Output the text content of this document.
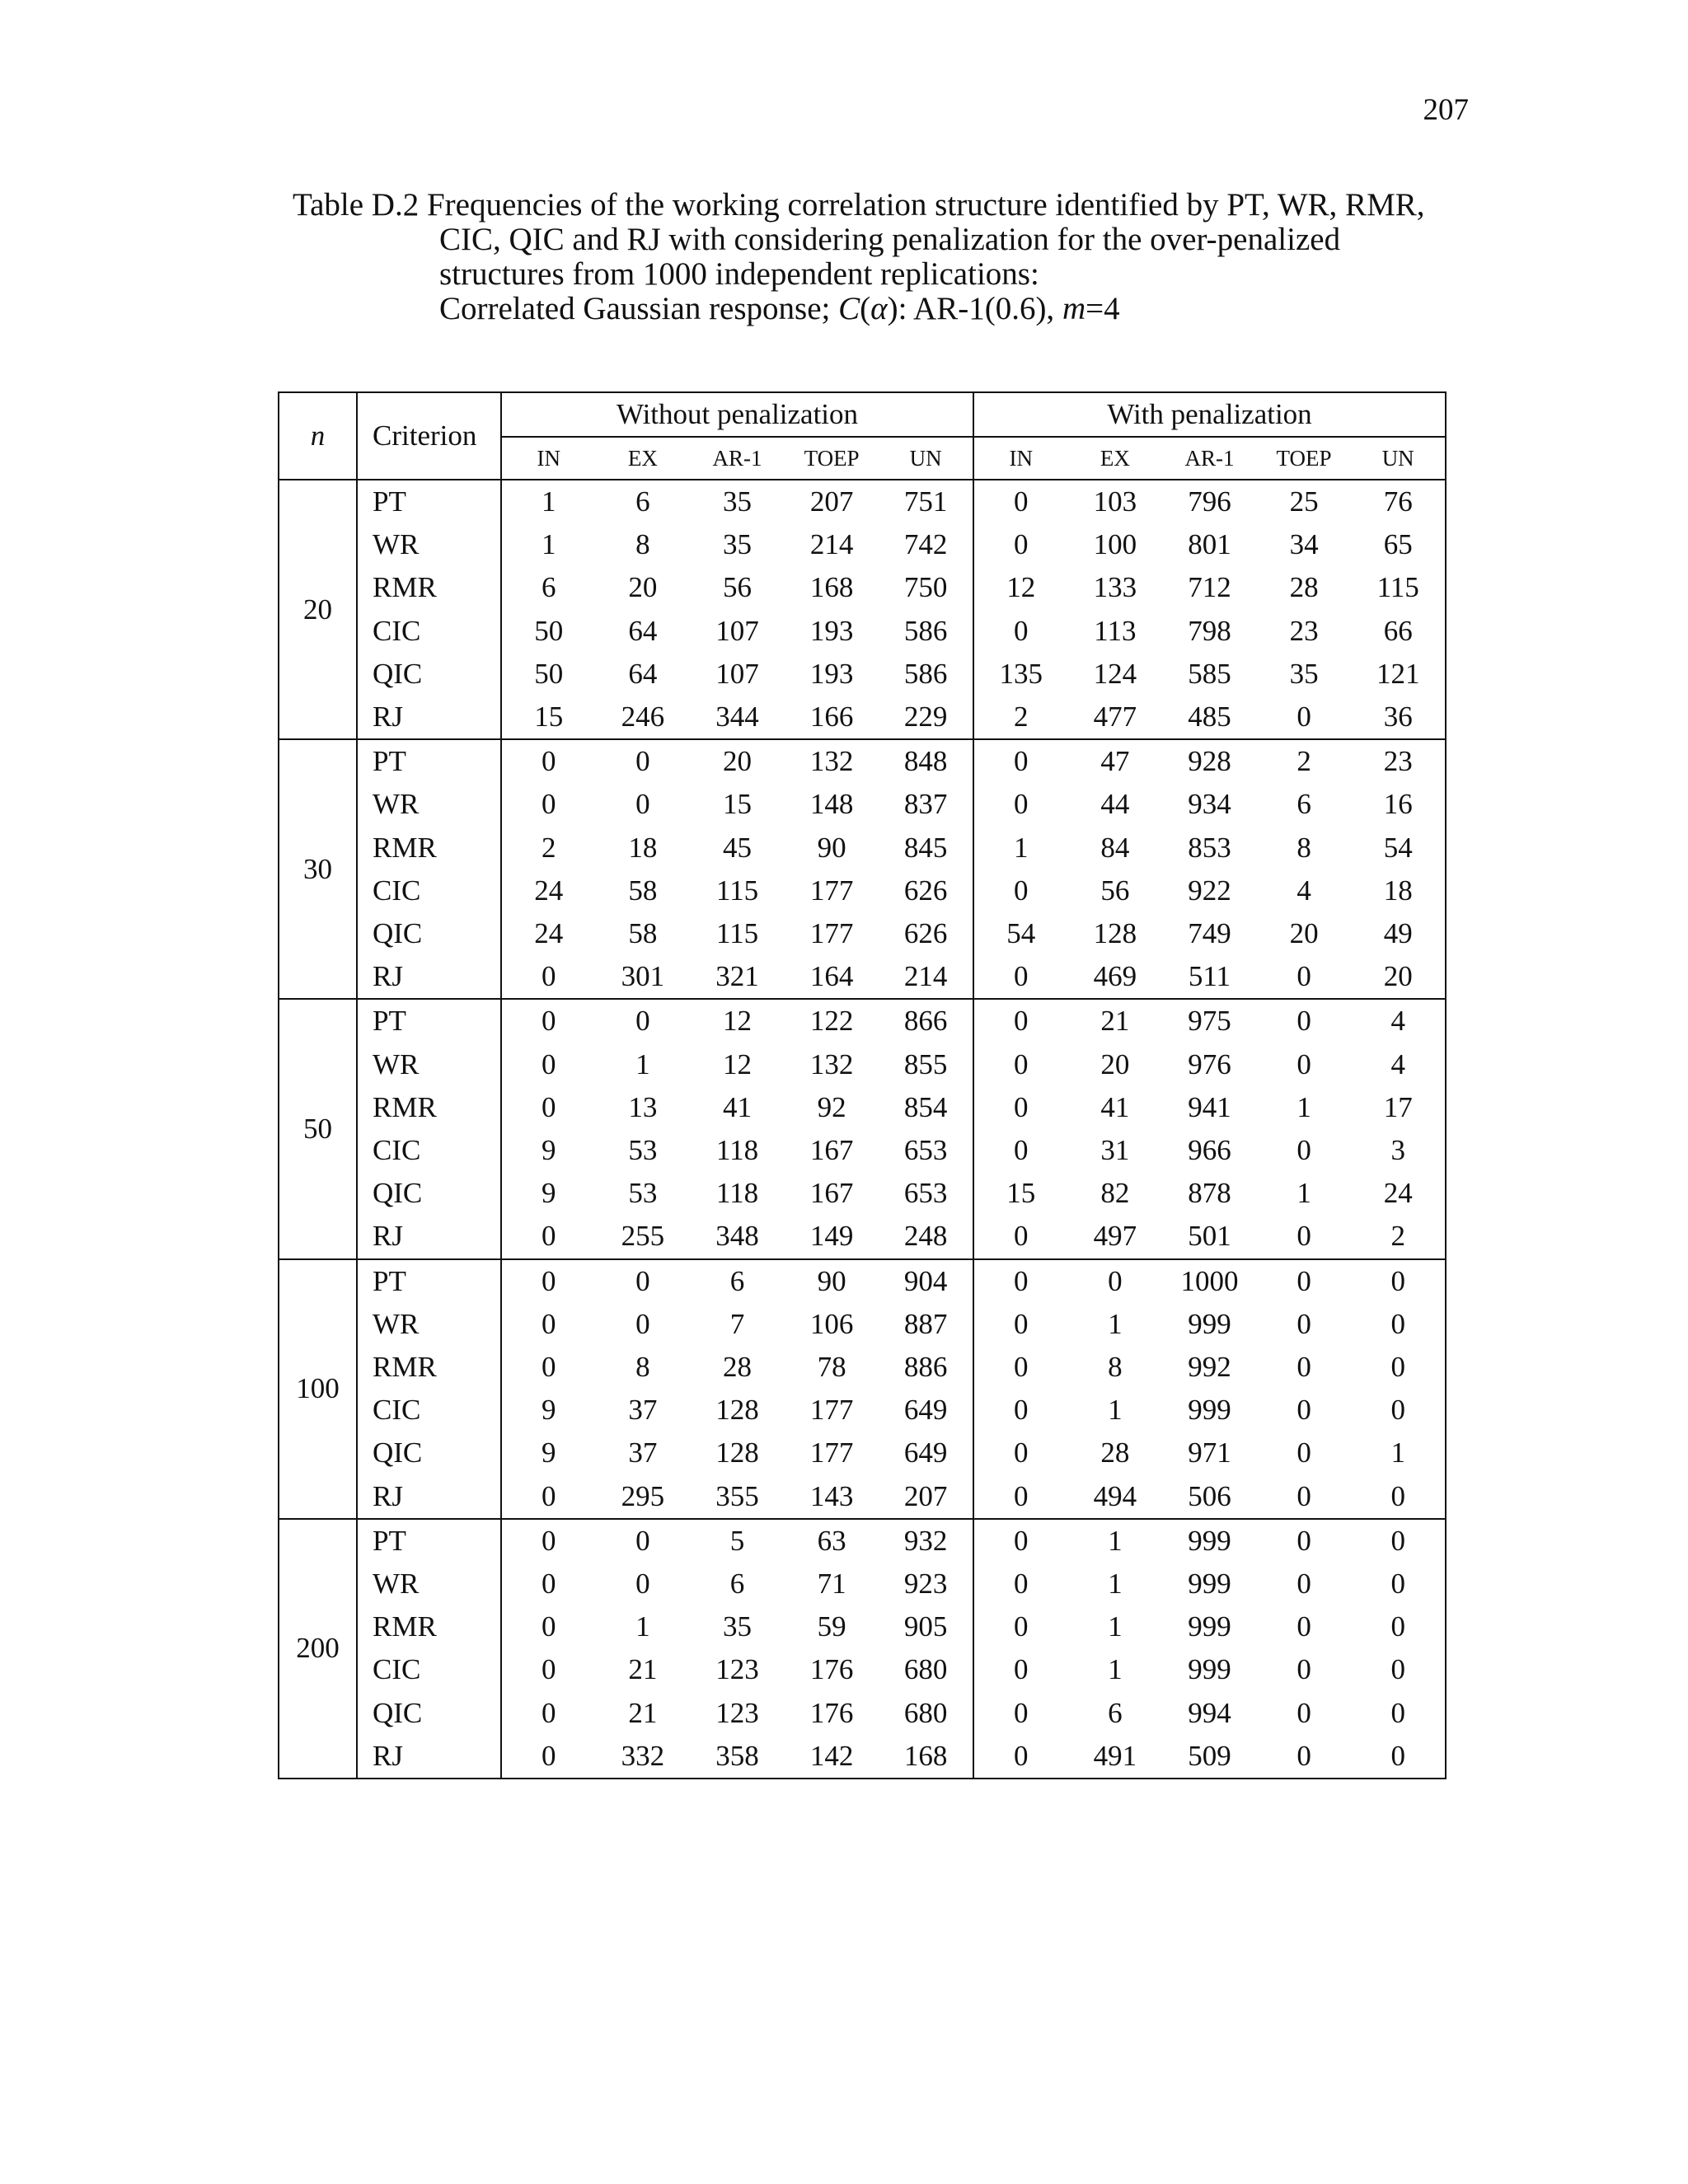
207
Table D.2 Frequencies of the working correlation structure identified by PT, WR, RMR,
CIC, QIC and RJ with considering penalization for the over-penalized
structures from 1000 independent replications:
Correlated Gaussian response; C(α): AR-1(0.6), m=4
n	Criterion	Without penalization					With penalization				
		IN	EX	AR-1	TOEP	UN	IN	EX	AR-1	TOEP	UN
20	PT	1	6	35	207	751	0	103	796	25	76
	WR	1	8	35	214	742	0	100	801	34	65
	RMR	6	20	56	168	750	12	133	712	28	115
	CIC	50	64	107	193	586	0	113	798	23	66
	QIC	50	64	107	193	586	135	124	585	35	121
	RJ	15	246	344	166	229	2	477	485	0	36
30	PT	0	0	20	132	848	0	47	928	2	23
	WR	0	0	15	148	837	0	44	934	6	16
	RMR	2	18	45	90	845	1	84	853	8	54
	CIC	24	58	115	177	626	0	56	922	4	18
	QIC	24	58	115	177	626	54	128	749	20	49
	RJ	0	301	321	164	214	0	469	511	0	20
50	PT	0	0	12	122	866	0	21	975	0	4
	WR	0	1	12	132	855	0	20	976	0	4
	RMR	0	13	41	92	854	0	41	941	1	17
	CIC	9	53	118	167	653	0	31	966	0	3
	QIC	9	53	118	167	653	15	82	878	1	24
	RJ	0	255	348	149	248	0	497	501	0	2
100	PT	0	0	6	90	904	0	0	1000	0	0
	WR	0	0	7	106	887	0	1	999	0	0
	RMR	0	8	28	78	886	0	8	992	0	0
	CIC	9	37	128	177	649	0	1	999	0	0
	QIC	9	37	128	177	649	0	28	971	0	1
	RJ	0	295	355	143	207	0	494	506	0	0
200	PT	0	0	5	63	932	0	1	999	0	0
	WR	0	0	6	71	923	0	1	999	0	0
	RMR	0	1	35	59	905	0	1	999	0	0
	CIC	0	21	123	176	680	0	1	999	0	0
	QIC	0	21	123	176	680	0	6	994	0	0
	RJ	0	332	358	142	168	0	491	509	0	0
